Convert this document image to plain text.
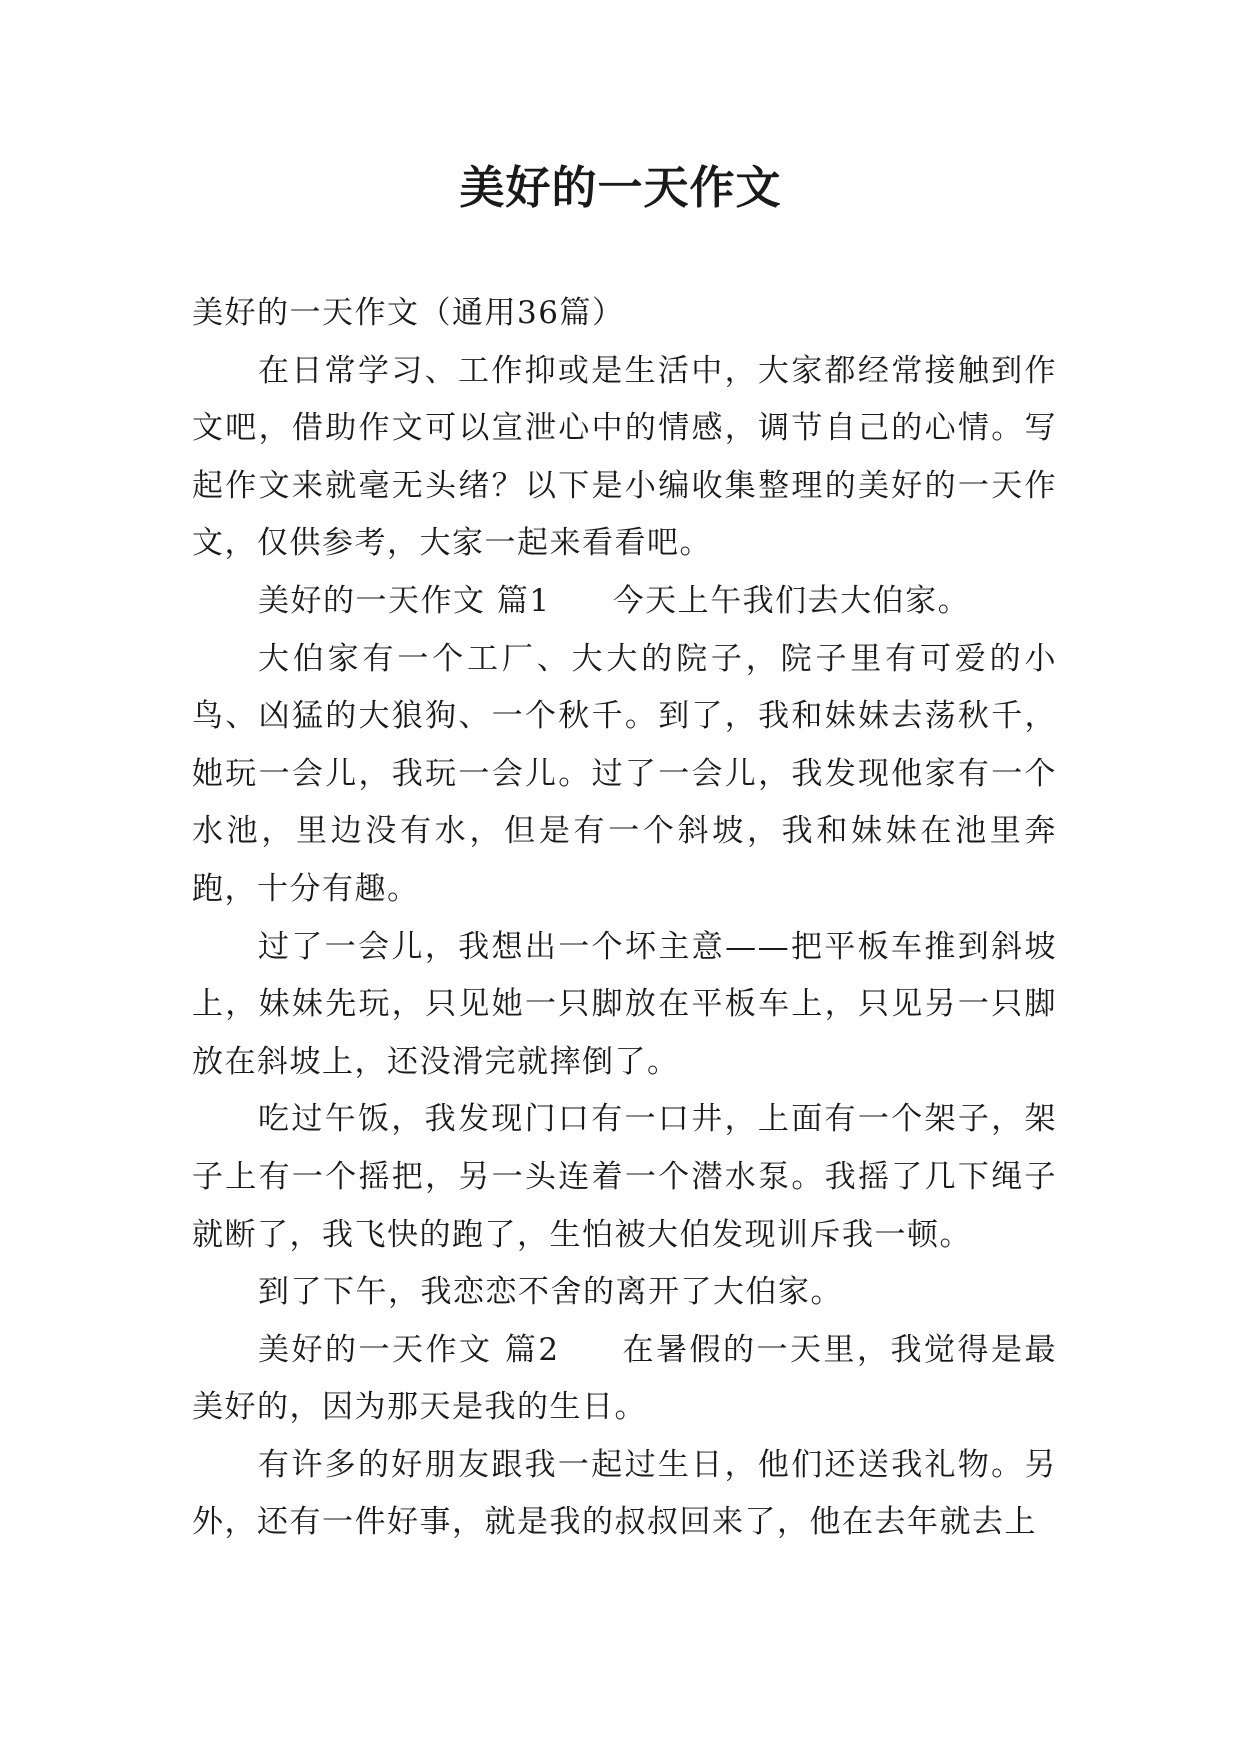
美好的一天作文

美好的一天作文（通用36篇）

在日常学习、工作抑或是生活中，大家都经常接触到作文吧，借助作文可以宣泄心中的情感，调节自己的心情。写起作文来就毫无头绪？以下是小编收集整理的美好的一天作文，仅供参考，大家一起来看看吧。

美好的一天作文 篇1 今天上午我们去大伯家。

大伯家有一个工厂、大大的院子，院子里有可爱的小鸟、凶猛的大狼狗、一个秋千。到了，我和妹妹去荡秋千，她玩一会儿，我玩一会儿。过了一会儿，我发现他家有一个水池，里边没有水，但是有一个斜坡，我和妹妹在池里奔跑，十分有趣。

过了一会儿，我想出一个坏主意——把平板车推到斜坡上，妹妹先玩，只见她一只脚放在平板车上，只见另一只脚放在斜坡上，还没滑完就摔倒了。

吃过午饭，我发现门口有一口井，上面有一个架子，架子上有一个摇把，另一头连着一个潜水泵。我摇了几下绳子就断了，我飞快的跑了，生怕被大伯发现训斥我一顿。

到了下午，我恋恋不舍的离开了大伯家。

美好的一天作文 篇2 在暑假的一天里，我觉得是最美好的，因为那天是我的生日。

有许多的好朋友跟我一起过生日，他们还送我礼物。另外，还有一件好事，就是我的叔叔回来了，他在去年就去上
